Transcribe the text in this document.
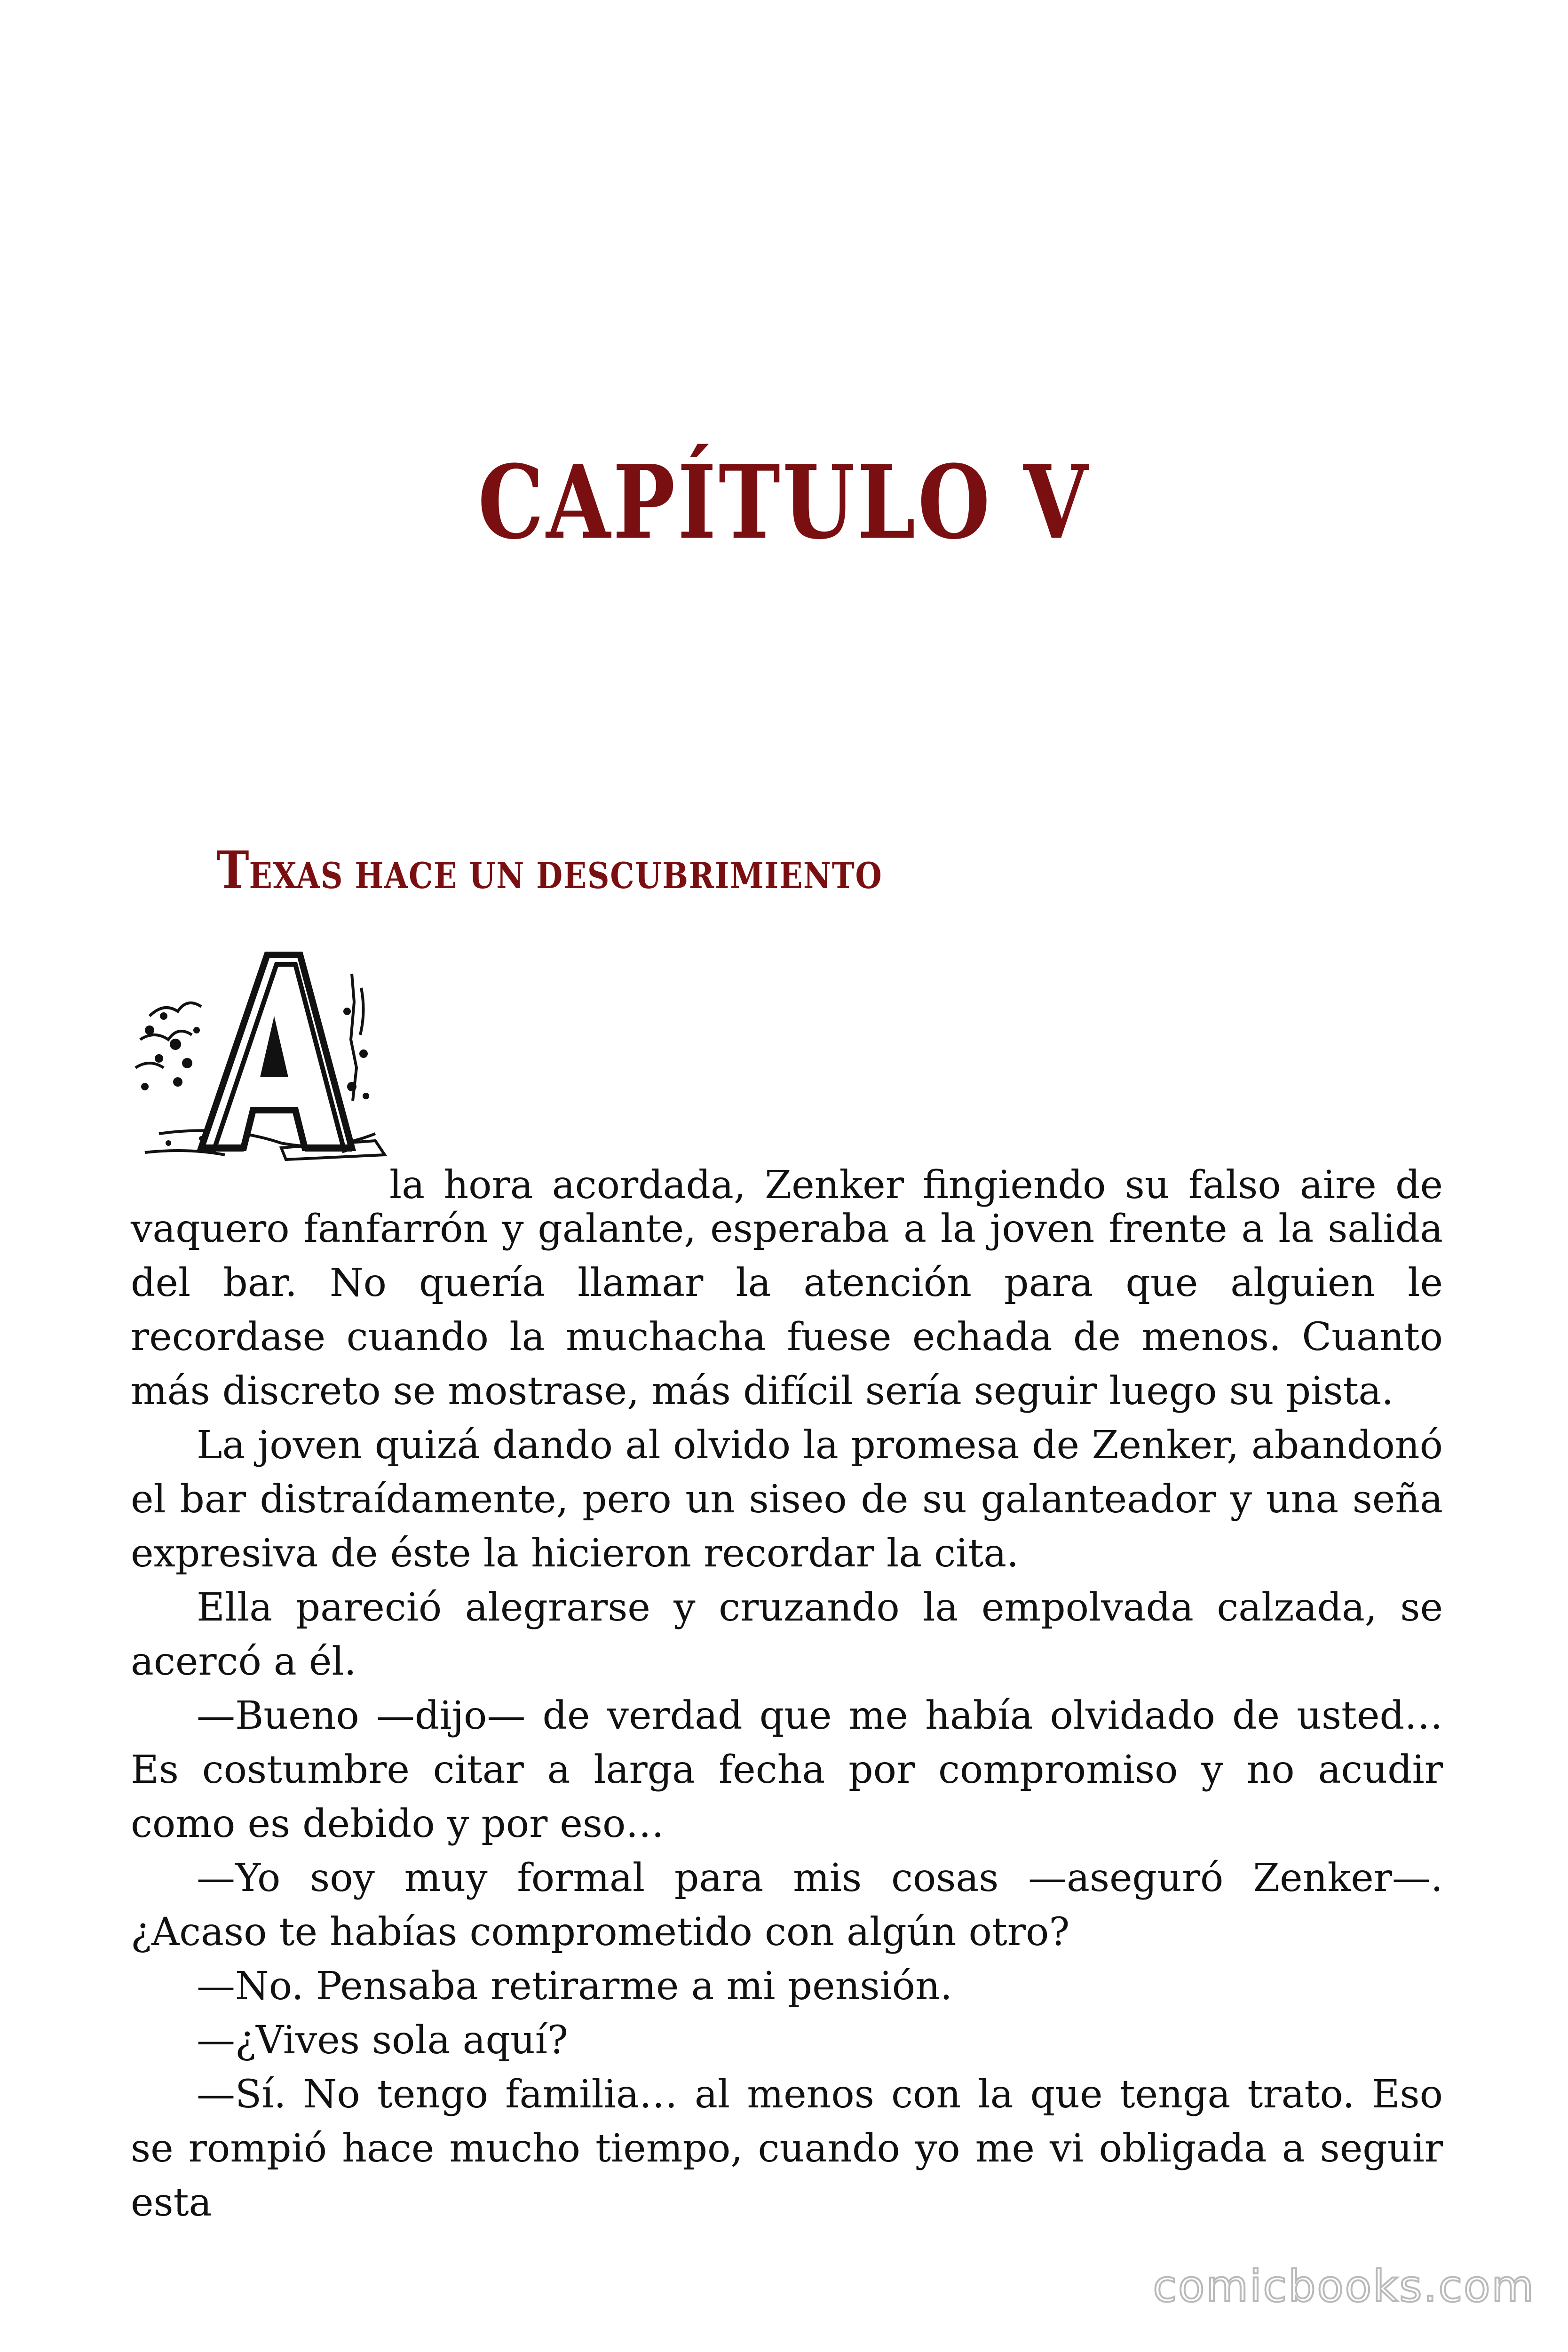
CAPÍTULO V
TEXAS HACE UN DESCUBRIMIENTO
la hora acordada, Zenker fingiendo su falso aire de

vaquero fanfarrón y galante, esperaba a la joven frente a la salida del bar. No quería llamar la atención para que alguien le recordase cuando la muchacha fuese echada de menos. Cuanto más discreto se mostrase, más difícil sería seguir luego su pista.

La joven quizá dando al olvido la promesa de Zenker, abandonó el bar distraídamente, pero un siseo de su galanteador y una seña expresiva de éste la hicieron recordar la cita.

Ella pareció alegrarse y cruzando la empolvada calzada, se acercó a él.

—Bueno —dijo— de verdad que me había olvidado de usted… Es costumbre citar a larga fecha por compromiso y no acudir como es debido y por eso…

—Yo soy muy formal para mis cosas —aseguró Zenker—. ¿Acaso te habías comprometido con algún otro?

—No. Pensaba retirarme a mi pensión.

—¿Vives sola aquí?

—Sí. No tengo familia… al menos con la que tenga trato. Eso se rompió hace mucho tiempo, cuando yo me vi obligada a seguir esta

comicbooks.com
